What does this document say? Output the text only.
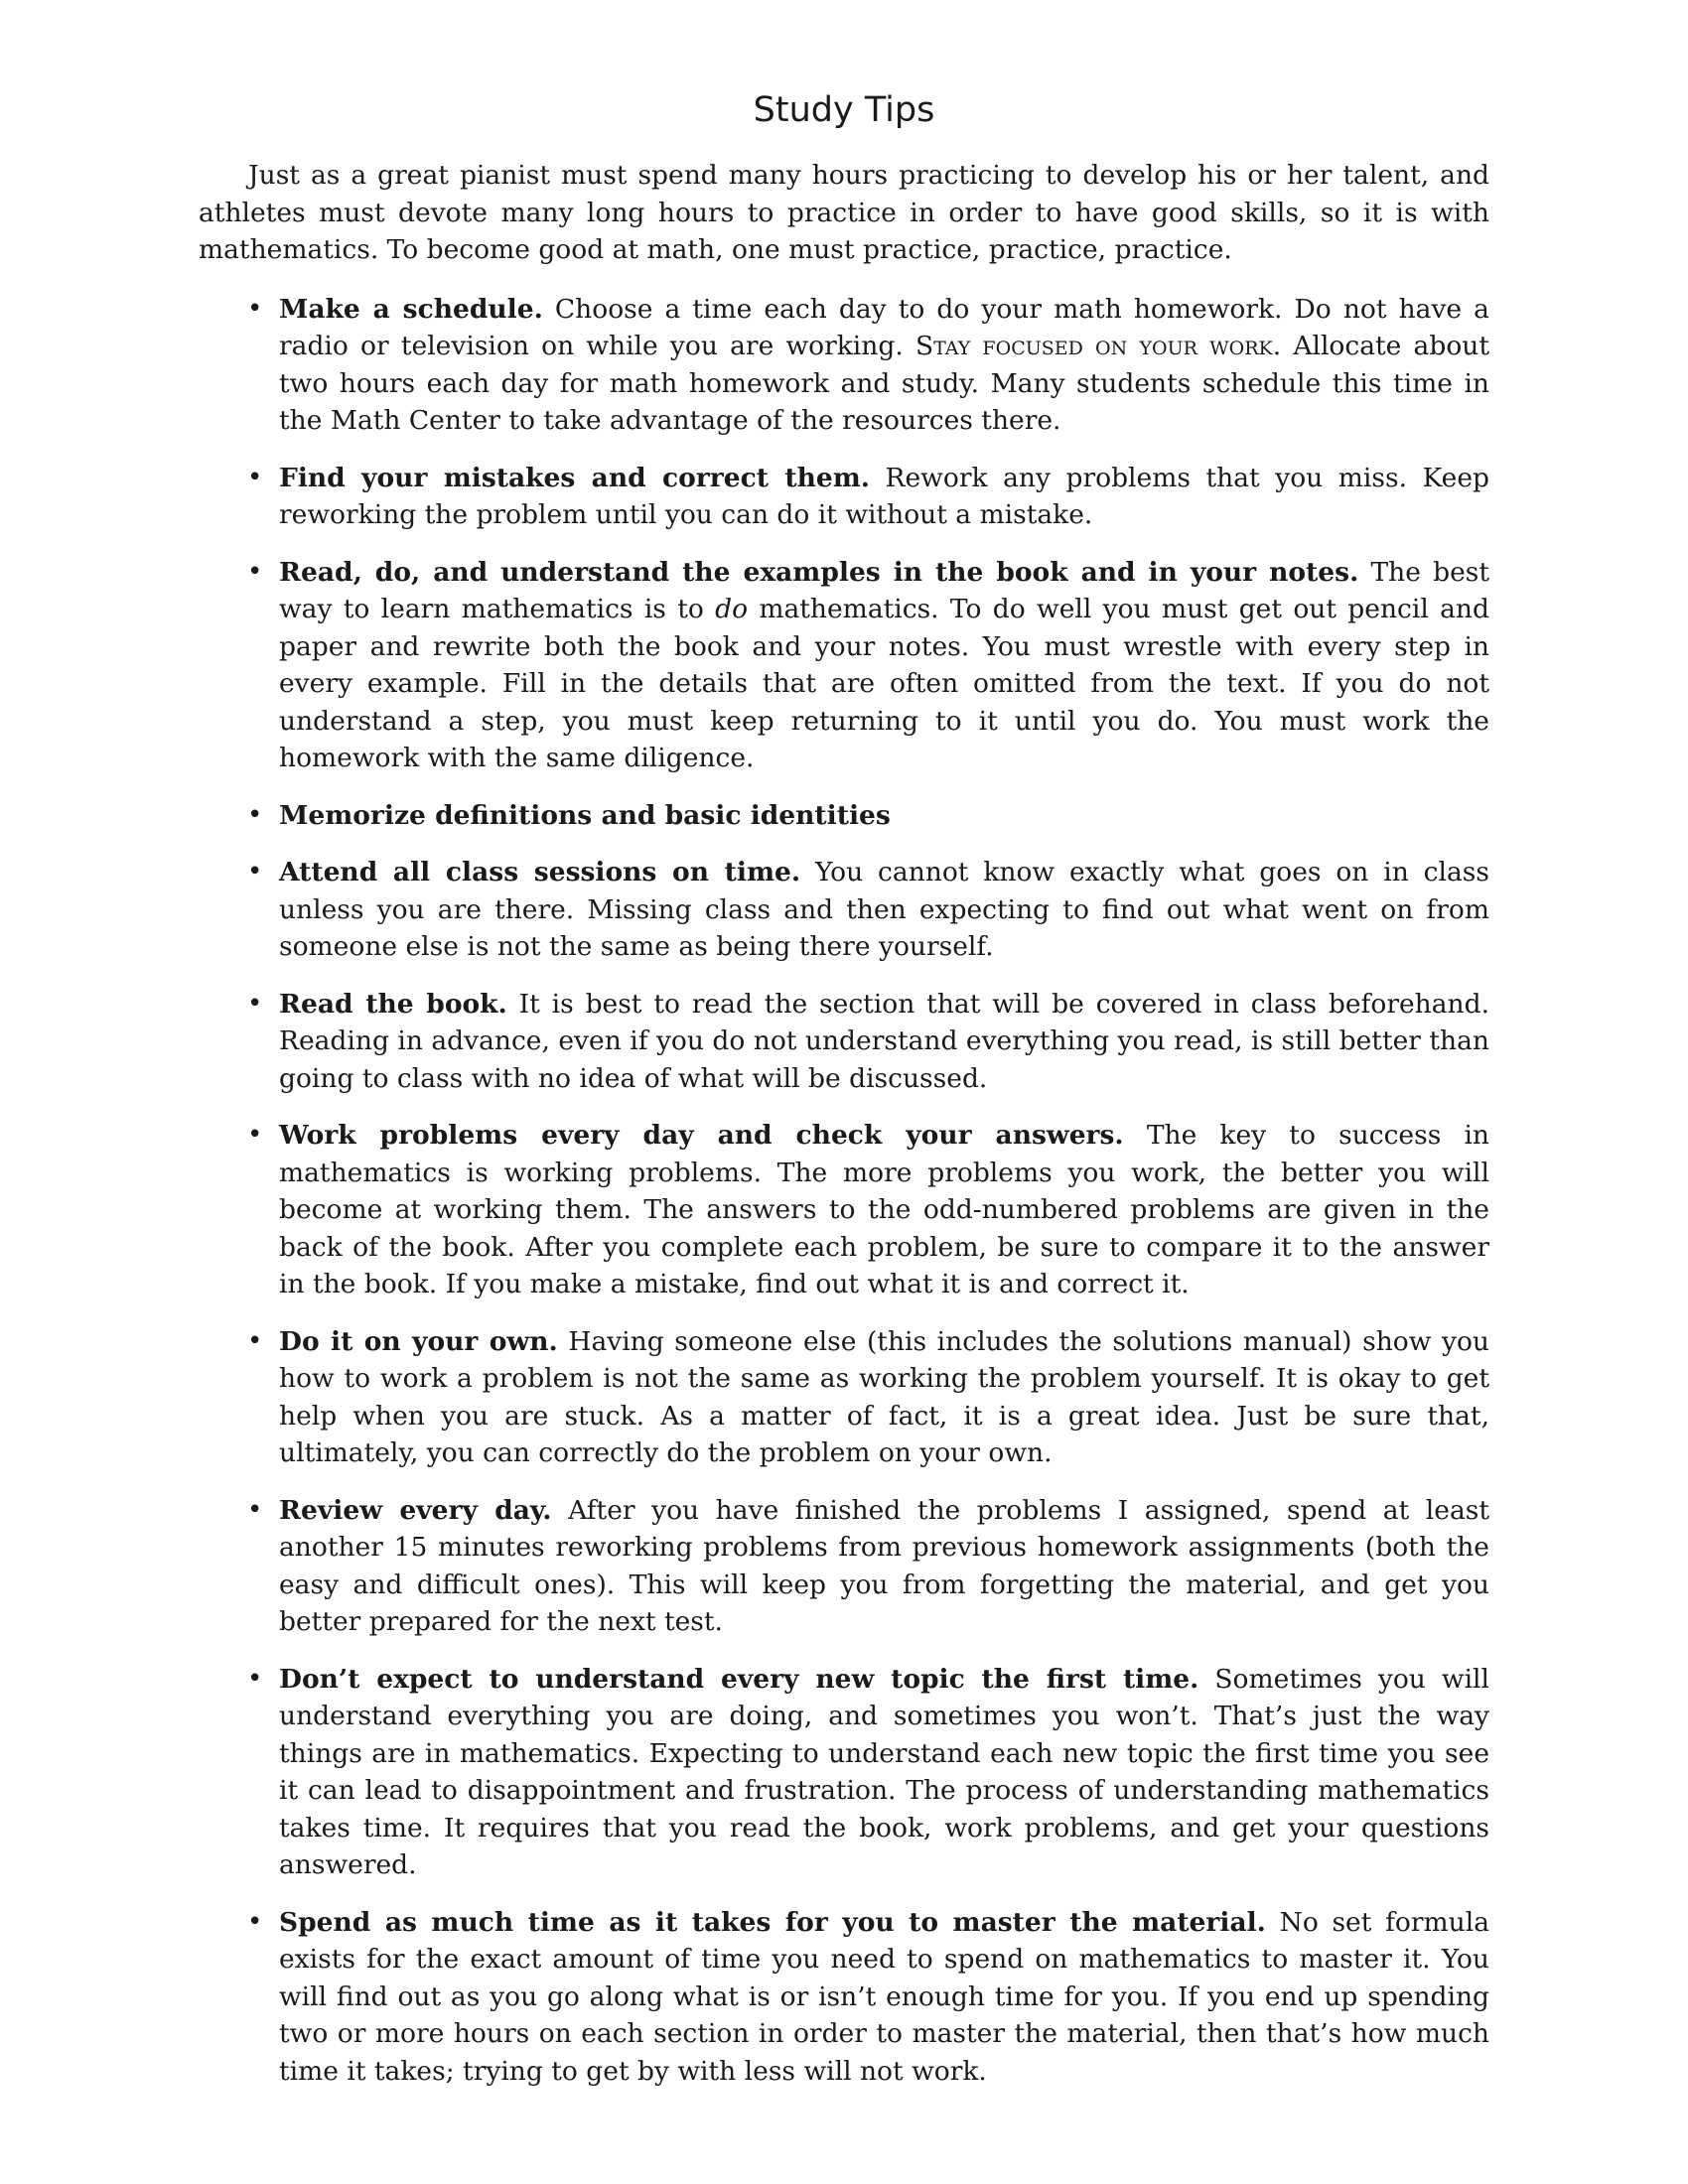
Study Tips

Just as a great pianist must spend many hours practicing to develop his or her talent, and athletes must devote many long hours to practice in order to have good skills, so it is with mathematics. To become good at math, one must practice, practice, practice.

• Make a schedule. Choose a time each day to do your math homework. Do not have a radio or television on while you are working. Stay focused on your work. Allocate about two hours each day for math homework and study. Many students schedule this time in the Math Center to take advantage of the resources there.
• Find your mistakes and correct them. Rework any problems that you miss. Keep reworking the problem until you can do it without a mistake.
• Read, do, and understand the examples in the book and in your notes. The best way to learn mathematics is to do mathematics. To do well you must get out pencil and paper and rewrite both the book and your notes. You must wrestle with every step in every example. Fill in the details that are often omitted from the text. If you do not understand a step, you must keep returning to it until you do. You must work the homework with the same diligence.
• Memorize definitions and basic identities
• Attend all class sessions on time. You cannot know exactly what goes on in class unless you are there. Missing class and then expecting to find out what went on from someone else is not the same as being there yourself.
• Read the book. It is best to read the section that will be covered in class beforehand. Reading in advance, even if you do not understand everything you read, is still better than going to class with no idea of what will be discussed.
• Work problems every day and check your answers. The key to success in mathematics is working problems. The more problems you work, the better you will become at working them. The answers to the odd-numbered problems are given in the back of the book. After you complete each problem, be sure to compare it to the answer in the book. If you make a mistake, find out what it is and correct it.
• Do it on your own. Having someone else (this includes the solutions manual) show you how to work a problem is not the same as working the problem yourself. It is okay to get help when you are stuck. As a matter of fact, it is a great idea. Just be sure that, ultimately, you can correctly do the problem on your own.
• Review every day. After you have finished the problems I assigned, spend at least another 15 minutes reworking problems from previous homework assignments (both the easy and difficult ones). This will keep you from forgetting the material, and get you better prepared for the next test.
• Don’t expect to understand every new topic the first time. Sometimes you will understand everything you are doing, and sometimes you won’t. That’s just the way things are in mathematics. Expecting to understand each new topic the first time you see it can lead to disappointment and frustration. The process of understanding mathematics takes time. It requires that you read the book, work problems, and get your questions answered.
• Spend as much time as it takes for you to master the material. No set formula exists for the exact amount of time you need to spend on mathematics to master it. You will find out as you go along what is or isn’t enough time for you. If you end up spending two or more hours on each section in order to master the material, then that’s how much time it takes; trying to get by with less will not work.
